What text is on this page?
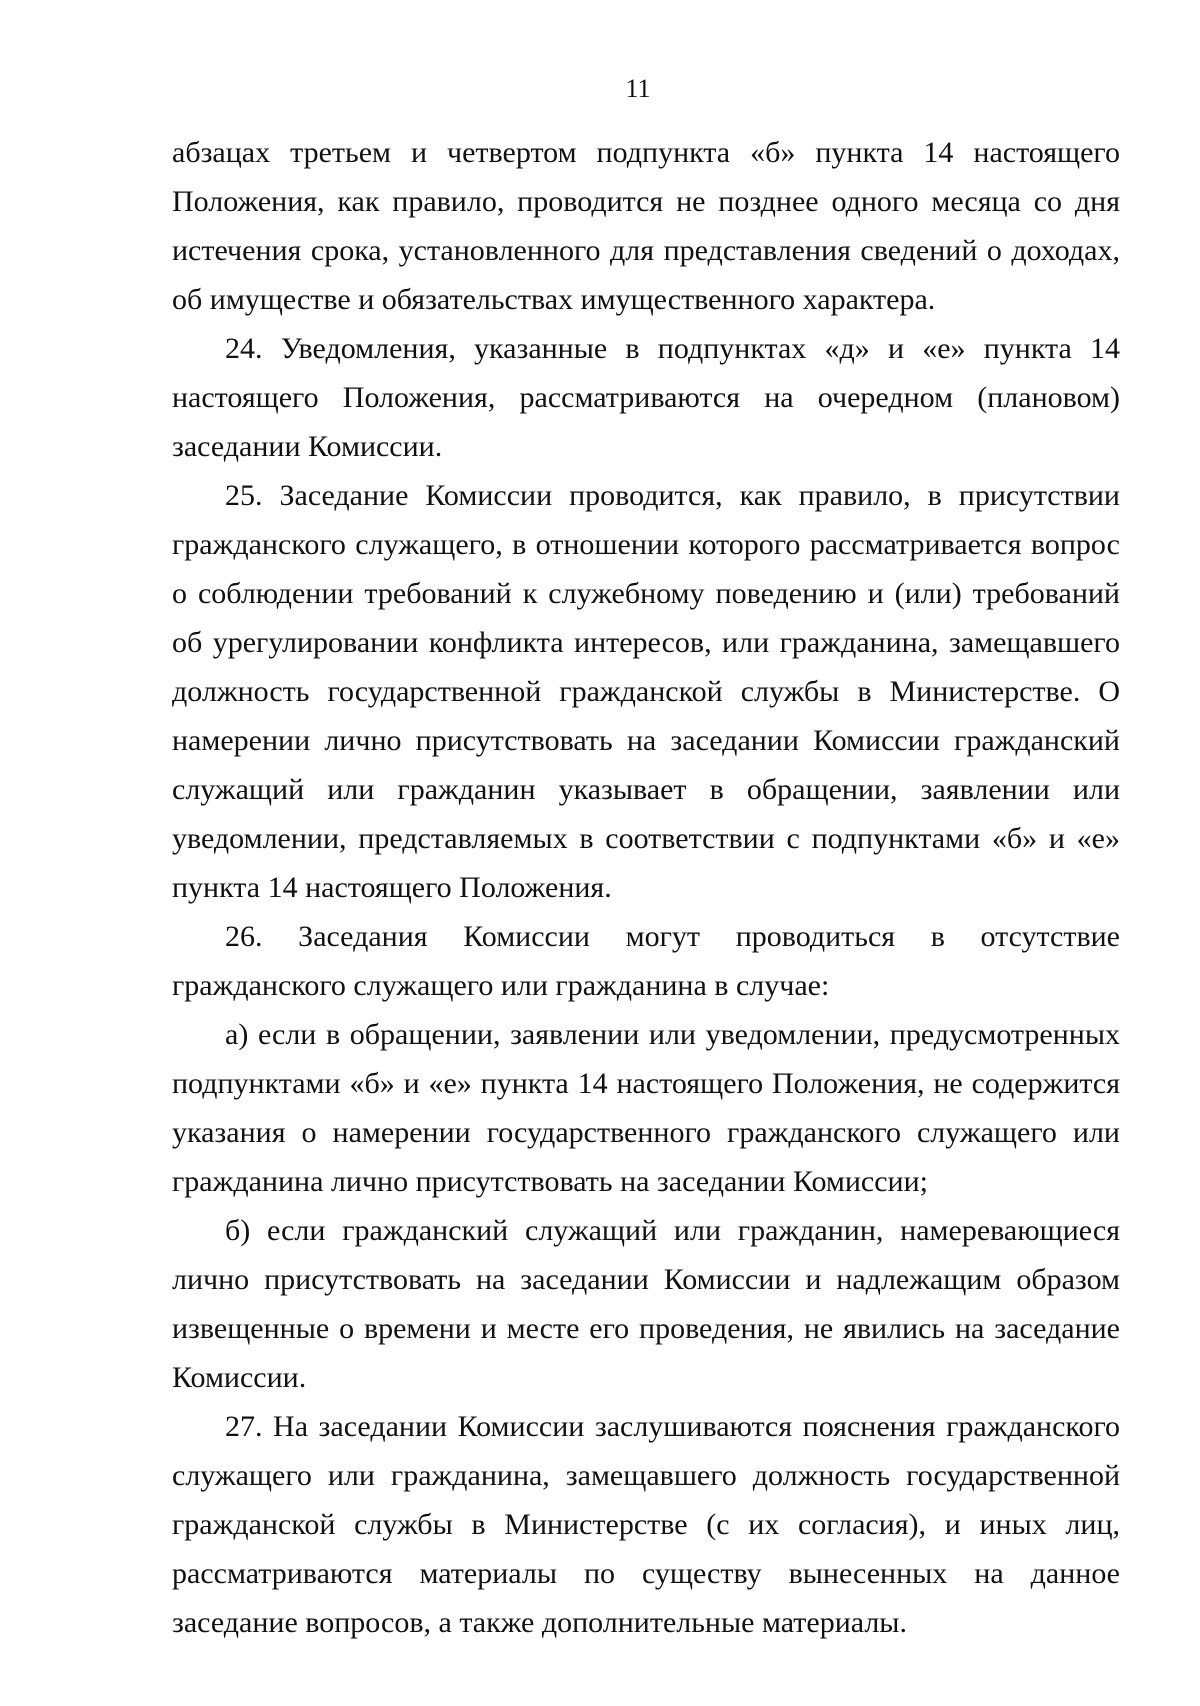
11

абзацах третьем и четвертом подпункта «б» пункта 14 настоящего Положения, как правило, проводится не позднее одного месяца со дня истечения срока, установленного для представления сведений о доходах, об имуществе и обязательствах имущественного характера.

24. Уведомления, указанные в подпунктах «д» и «е» пункта 14 настоящего Положения, рассматриваются на очередном (плановом) заседании Комиссии.

25. Заседание Комиссии проводится, как правило, в присутствии гражданского служащего, в отношении которого рассматривается вопрос о соблюдении требований к служебному поведению и (или) требований об урегулировании конфликта интересов, или гражданина, замещавшего должность государственной гражданской службы в Министерстве. О намерении лично присутствовать на заседании Комиссии гражданский служащий или гражданин указывает в обращении, заявлении или уведомлении, представляемых в соответствии с подпунктами «б» и «е» пункта 14 настоящего Положения.

26. Заседания Комиссии могут проводиться в отсутствие гражданского служащего или гражданина в случае:

а) если в обращении, заявлении или уведомлении, предусмотренных подпунктами «б» и «е» пункта 14 настоящего Положения, не содержится указания о намерении государственного гражданского служащего или гражданина лично присутствовать на заседании Комиссии;

б) если гражданский служащий или гражданин, намеревающиеся лично присутствовать на заседании Комиссии и надлежащим образом извещенные о времени и месте его проведения, не явились на заседание Комиссии.

27. На заседании Комиссии заслушиваются пояснения гражданского служащего или гражданина, замещавшего должность государственной гражданской службы в Министерстве (с их согласия), и иных лиц, рассматриваются материалы по существу вынесенных на данное заседание вопросов, а также дополнительные материалы.
